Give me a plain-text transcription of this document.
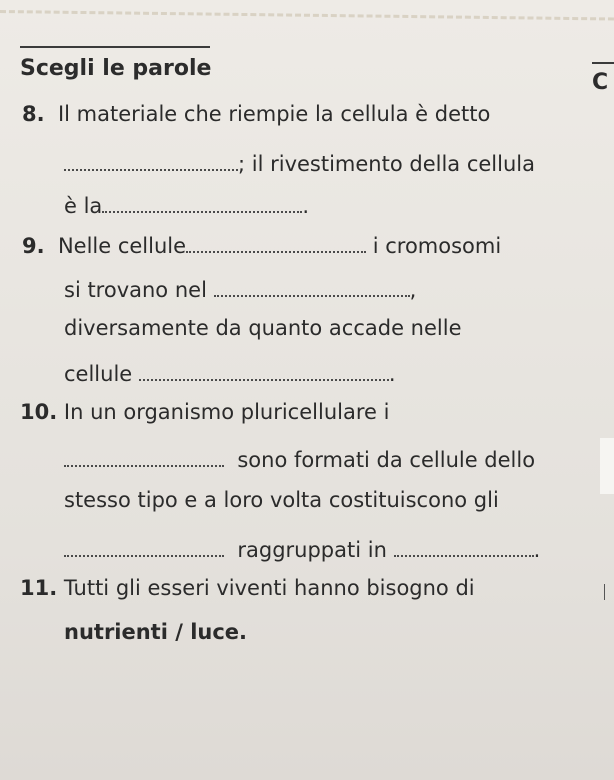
Scegli le parole
C
8. Il materiale che riempie la cellula è detto
; il rivestimento della cellula
è la	.
9. Nelle cellule	i cromosomi
si trovano nel	,
diversamente da quanto accade nelle
cellule	.
10. In un organismo pluricellulare i
sono formati da cellule dello
stesso tipo e a loro volta costituiscono gli
raggruppati in	.
11. Tutti gli esseri viventi hanno bisogno di
nutrienti / luce.
